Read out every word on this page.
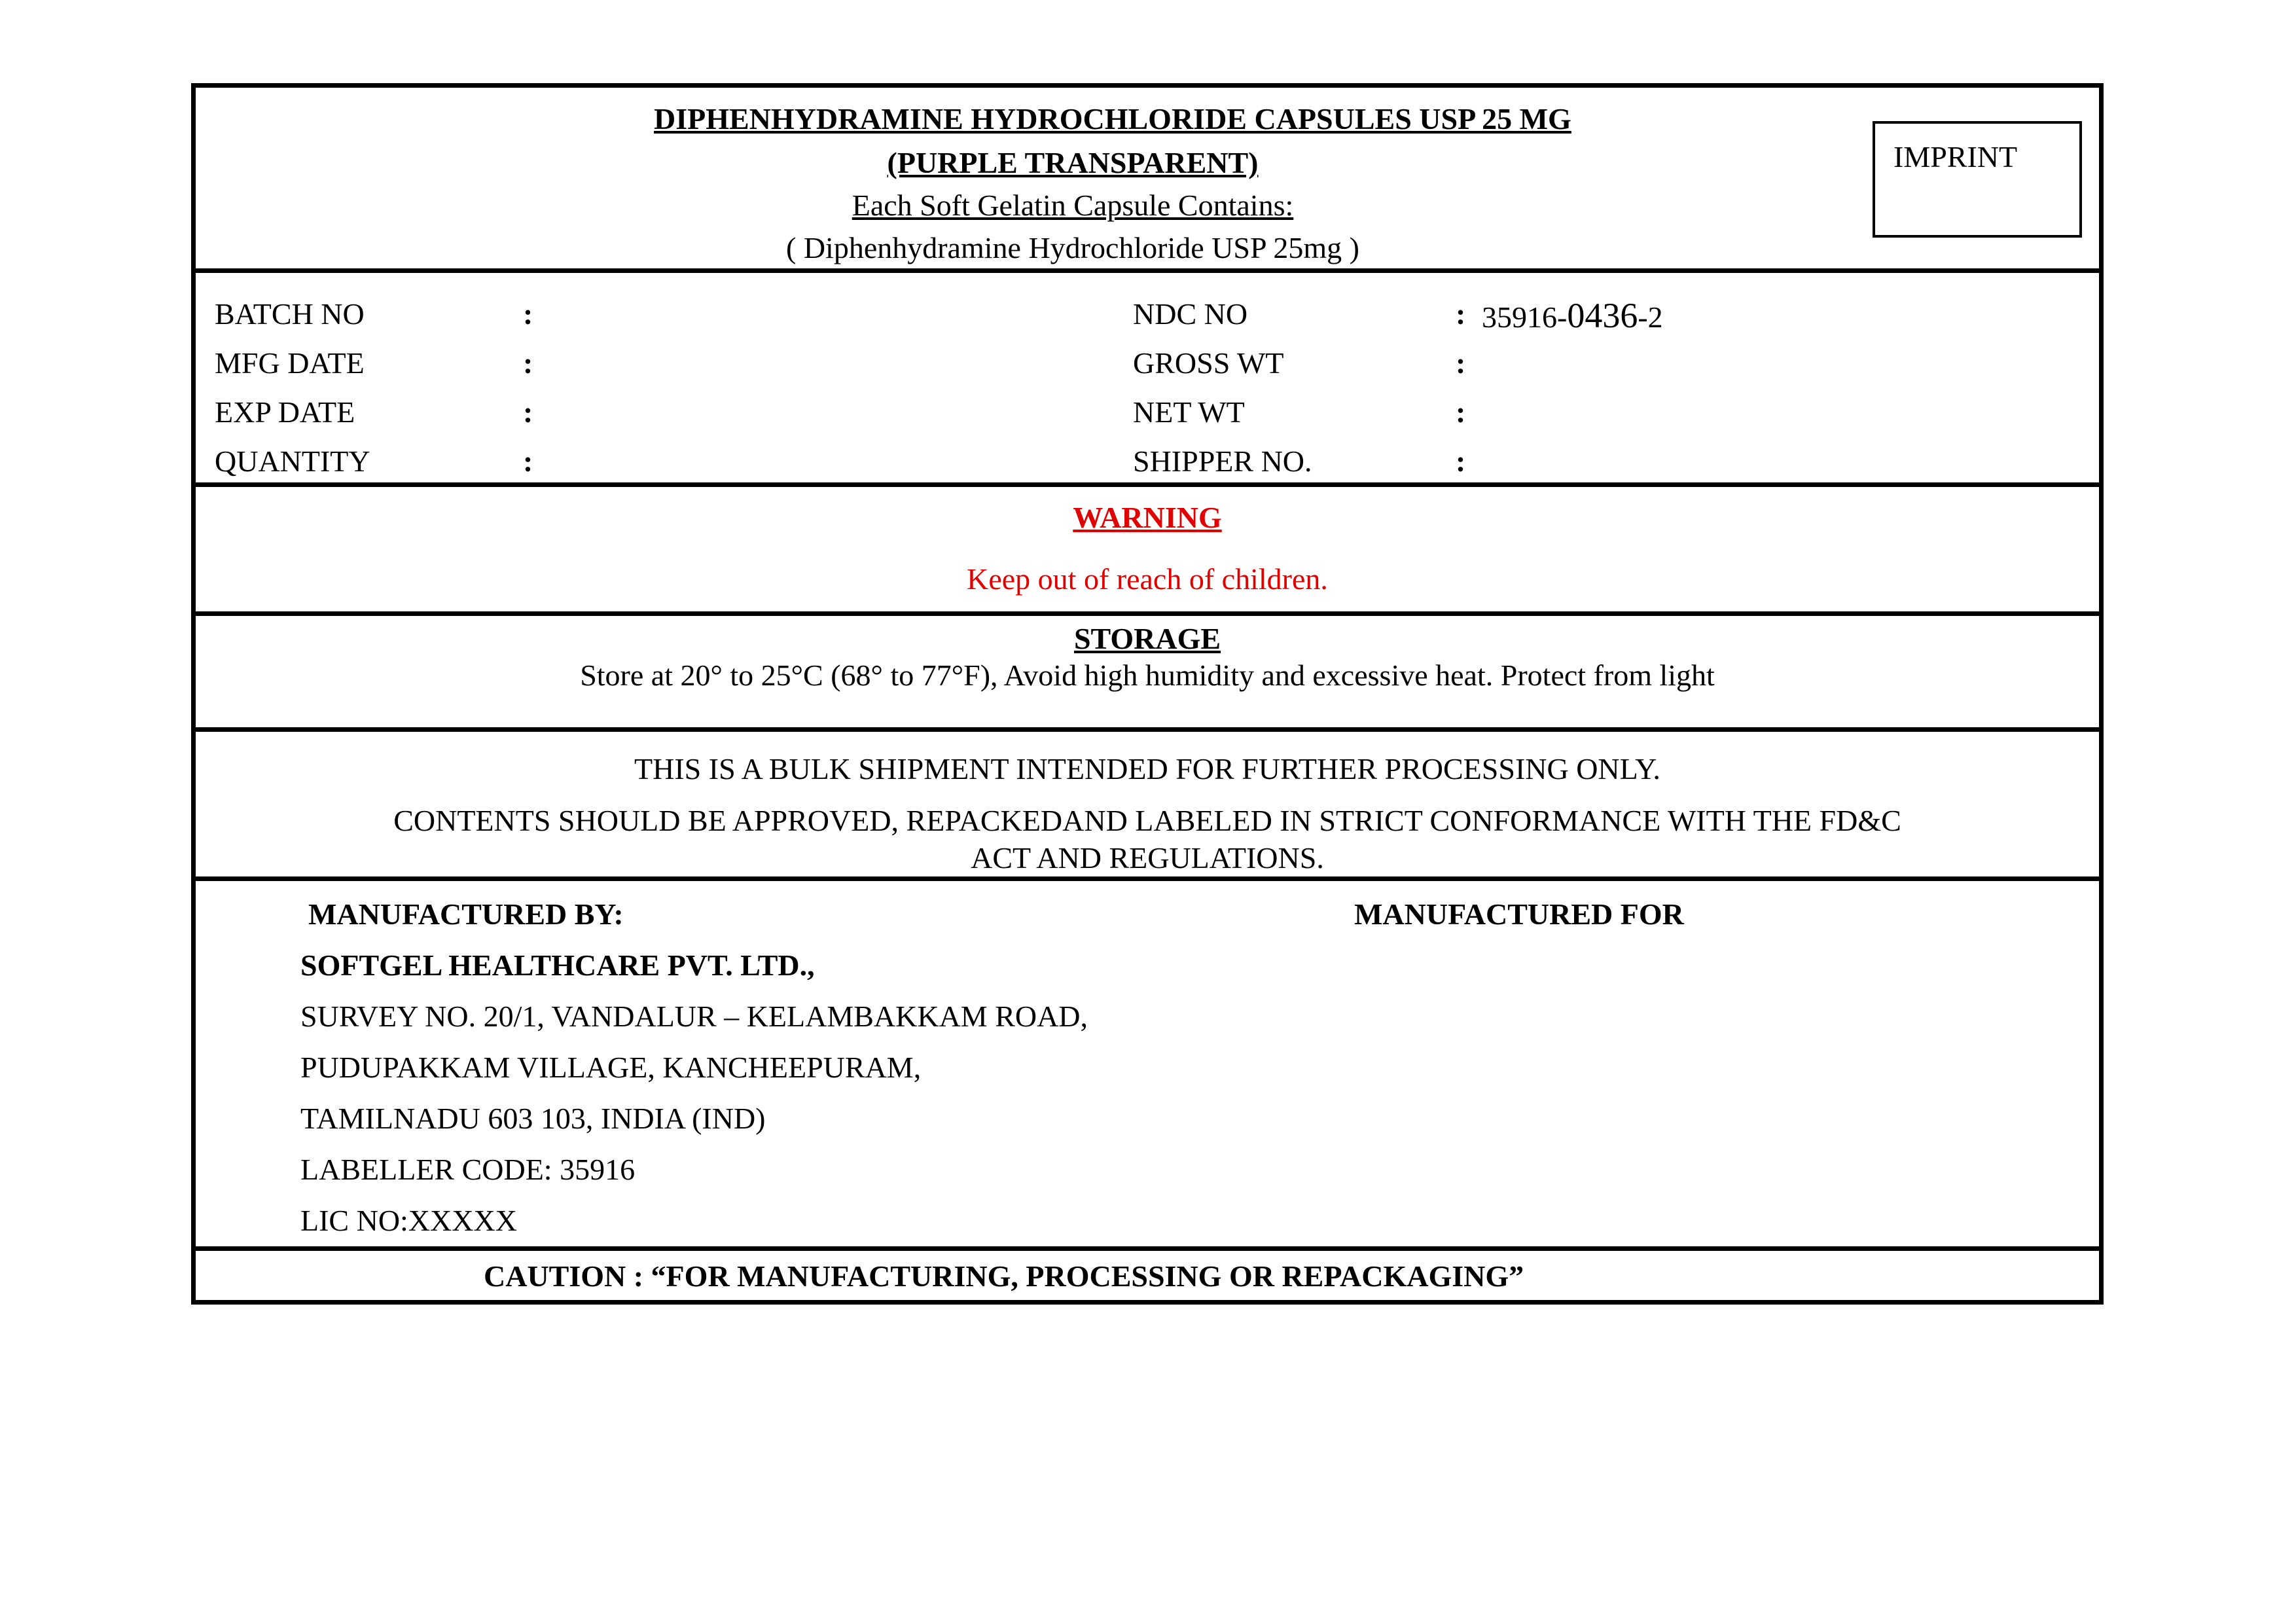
DIPHENHYDRAMINE HYDROCHLORIDE CAPSULES USP 25 MG
(PURPLE TRANSPARENT)
Each Soft Gelatin Capsule Contains:
( Diphenhydramine Hydrochloride USP 25mg )
IMPRINT
BATCH NO	:
MFG DATE	:
EXP DATE	:
QUANTITY	:
NDC NO	: 35916-0436-2
GROSS WT	:
NET WT	:
SHIPPER NO.	:
WARNING
Keep out of reach of children.
STORAGE
Store at 20° to 25°C (68° to 77°F), Avoid high humidity and excessive heat. Protect from light
THIS IS A BULK SHIPMENT INTENDED FOR FURTHER PROCESSING ONLY.
CONTENTS SHOULD BE APPROVED, REPACKEDAND LABELED IN STRICT CONFORMANCE WITH THE FD&C
ACT AND REGULATIONS.
MANUFACTURED BY:	MANUFACTURED FOR
SOFTGEL HEALTHCARE PVT. LTD.,
SURVEY NO. 20/1, VANDALUR – KELAMBAKKAM ROAD,
PUDUPAKKAM VILLAGE, KANCHEEPURAM,
TAMILNADU 603 103, INDIA (IND)
LABELLER CODE: 35916
LIC NO:XXXXX
CAUTION : “FOR MANUFACTURING, PROCESSING OR REPACKAGING”
